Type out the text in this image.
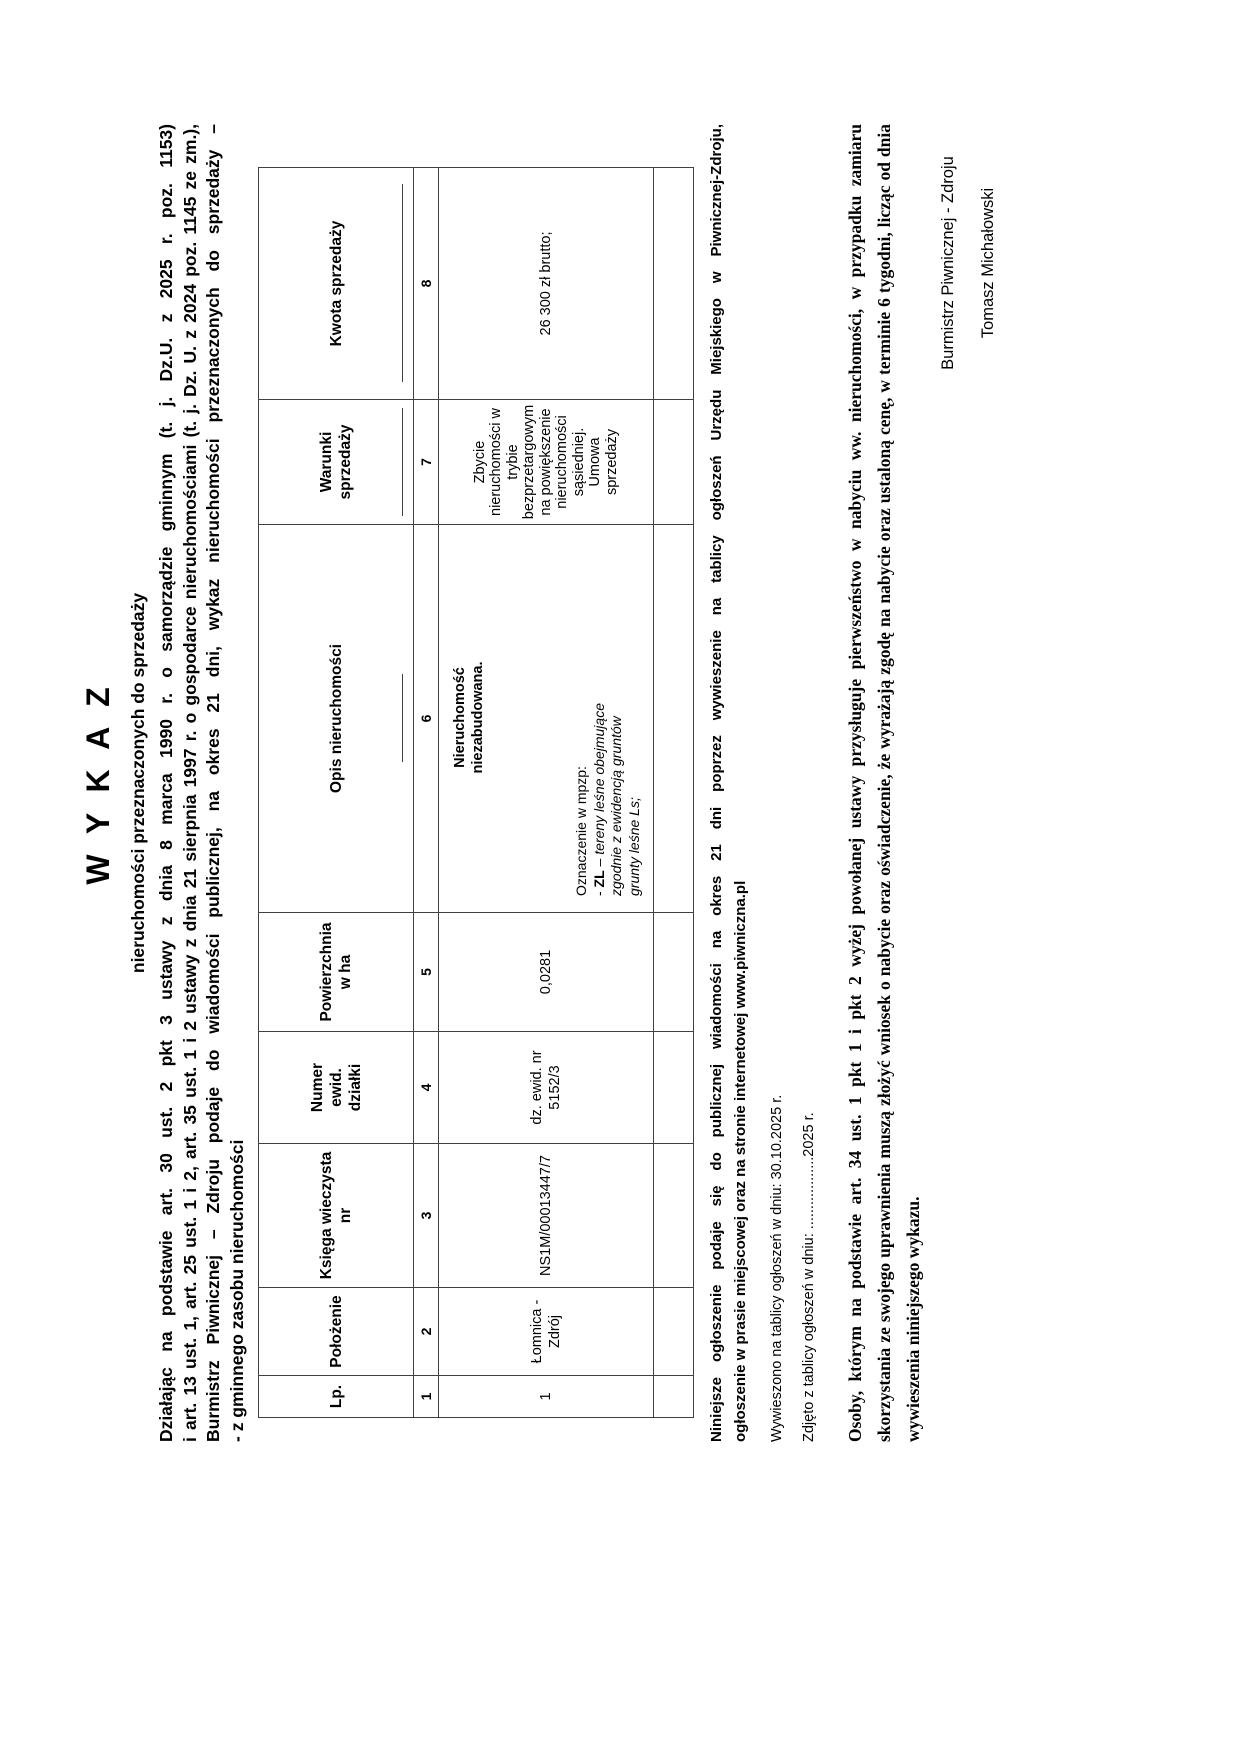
W Y K A Z nieruchomości przeznaczonych do sprzedaży Działając na podstawie art. 30 ust. 2 pkt 3 ustawy z dnia 8 marca 1990 r. o samorządzie gminnym (t. j. Dz.U. z 2025 r. poz. 1153) i art. 13 ust. 1, art. 25 ust. 1 i 2, art. 35 ust. 1 i 2 ustawy z dnia 21 sierpnia 1997 r. o gospodarce nieruchomościami (t. j. Dz. U. z 2024 poz. 1145 ze zm.), Burmistrz Piwnicznej – Zdroju podaje do wiadomości publicznej, na okres 21 dni, wykaz nieruchomości przeznaczonych do sprzedaży – - z gminnego zasobu nieruchomości	Lp.	Położenie	Księga wieczysta nr	Numer ewid. działki	Powierzchnia w ha	Opis nieruchomości	Warunki sprzedaży	Kwota sprzedaży

1	2	3	4	5	6	7	8
1	Łomnica - Zdrój	NS1M/00013447/7	dz. ewid. nr 5152/3	0,0281	Nieruchomość niezabudowana.
Oznaczenie w mpzp: - ZL – tereny leśne obejmujące zgodnie z ewidencją gruntów grunty leśne Ls;	Zbycie nieruchomości w trybie bezprzetargowym na powiększenie nieruchomości sąsiedniej. Umowa sprzedaży	26 300 zł brutto;
								Niniejsze ogłoszenie podaje się do publicznej wiadomości na okres 21 dni poprzez wywieszenie na tablicy ogłoszeń Urzędu Miejskiego w Piwnicznej-Zdroju, ogłoszenie w prasie miejscowej oraz na stronie internetowej www.piwniczna.pl Wywieszono na tablicy ogłoszeń w dniu: 30.10.2025 r. Zdjęto z tablicy ogłoszeń w dniu: ..................2025 r. Osoby, którym na podstawie art. 34 ust. 1 pkt 1 i pkt 2 wyżej powołanej ustawy przysługuje pierwszeństwo w nabyciu ww. nieruchomości, w przypadku zamiaru skorzystania ze swojego uprawnienia muszą złożyć wniosek o nabycie oraz oświadczenie, że wyrażają zgodę na nabycie oraz ustaloną cenę, w terminie 6 tygodni, licząc od dnia wywieszenia niniejszego wykazu.
Burmistrz Piwnicznej - Zdroju Tomasz Michałowski
